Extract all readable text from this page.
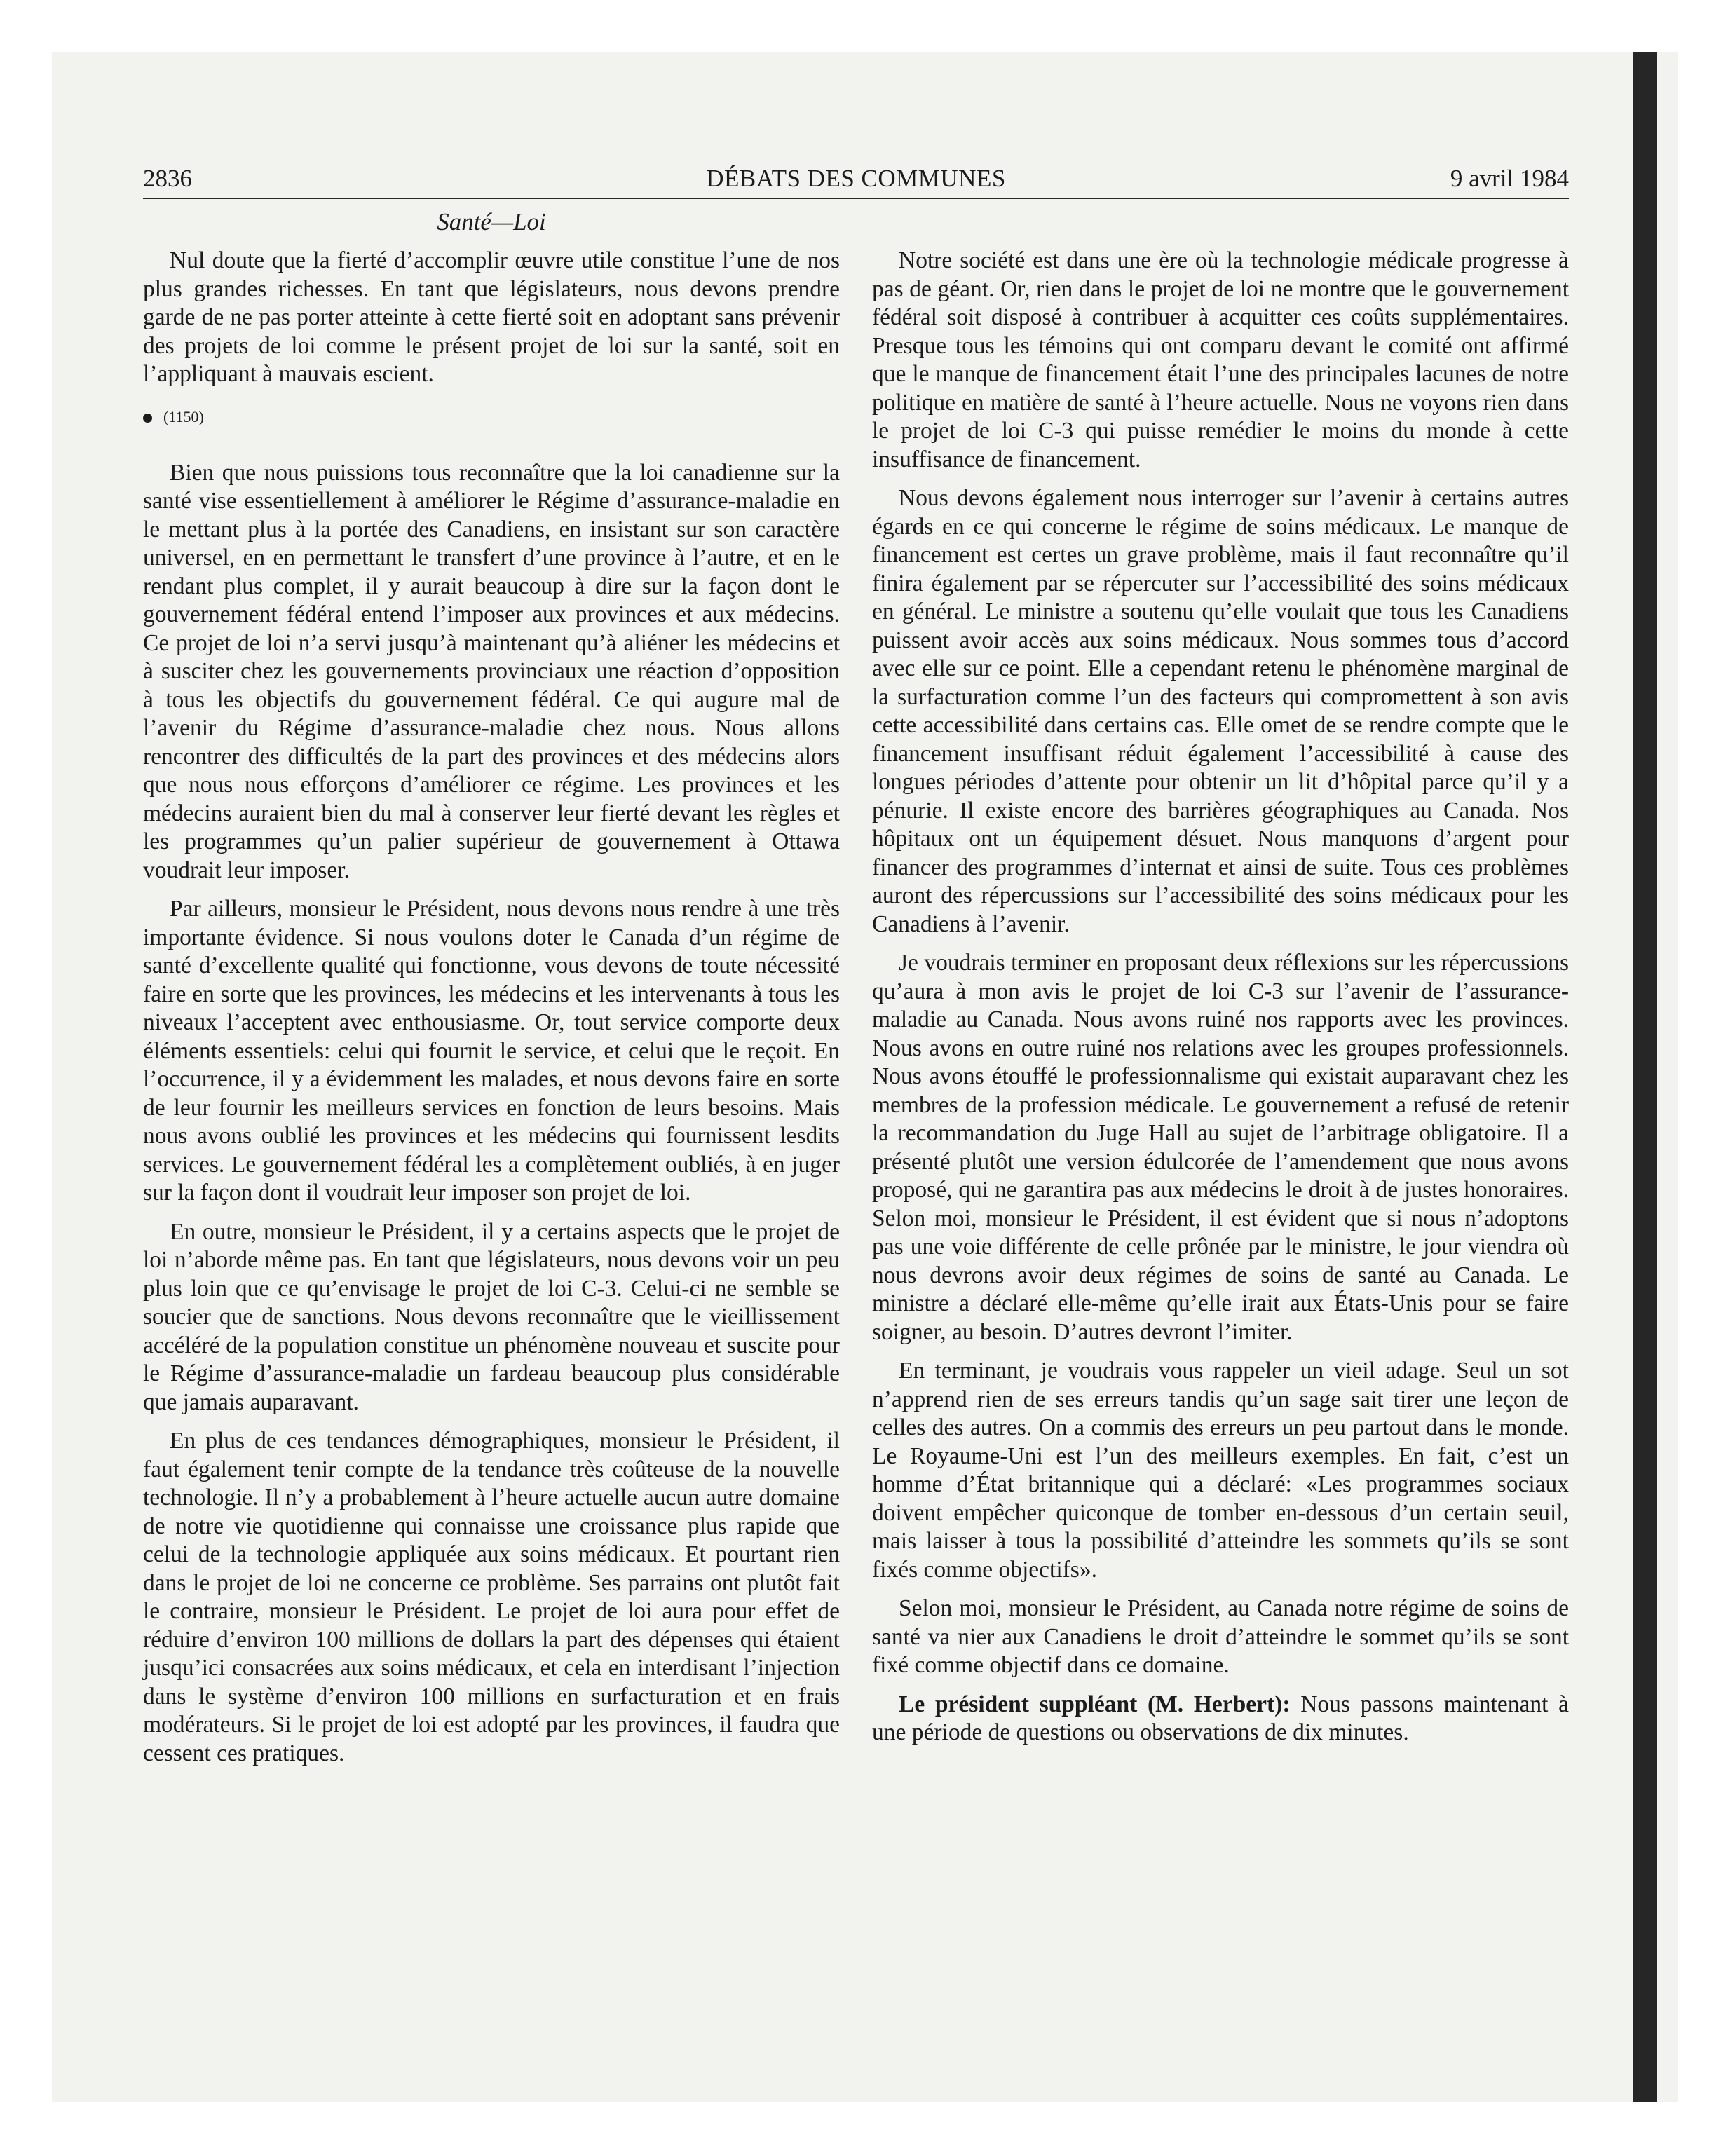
2836	DÉBATS DES COMMUNES	9 avril 1984
Santé—Loi

Nul doute que la fierté d’accomplir œuvre utile constitue l’une de nos plus grandes richesses. En tant que législateurs, nous devons prendre garde de ne pas porter atteinte à cette fierté soit en adoptant sans prévenir des projets de loi comme le présent projet de loi sur la santé, soit en l’appliquant à mauvais escient.

(1150)

Bien que nous puissions tous reconnaître que la loi canadienne sur la santé vise essentiellement à améliorer le Régime d’assurance-maladie en le mettant plus à la portée des Canadiens, en insistant sur son caractère universel, en en permettant le transfert d’une province à l’autre, et en le rendant plus complet, il y aurait beaucoup à dire sur la façon dont le gouvernement fédéral entend l’imposer aux provinces et aux médecins. Ce projet de loi n’a servi jusqu’à maintenant qu’à aliéner les médecins et à susciter chez les gouvernements provinciaux une réaction d’opposition à tous les objectifs du gouvernement fédéral. Ce qui augure mal de l’avenir du Régime d’assurance-maladie chez nous. Nous allons rencontrer des difficultés de la part des provinces et des médecins alors que nous nous efforçons d’améliorer ce régime. Les provinces et les médecins auraient bien du mal à conserver leur fierté devant les règles et les programmes qu’un palier supérieur de gouvernement à Ottawa voudrait leur imposer.

Par ailleurs, monsieur le Président, nous devons nous rendre à une très importante évidence. Si nous voulons doter le Canada d’un régime de santé d’excellente qualité qui fonctionne, vous devons de toute nécessité faire en sorte que les provinces, les médecins et les intervenants à tous les niveaux l’acceptent avec enthousiasme. Or, tout service comporte deux éléments essentiels: celui qui fournit le service, et celui que le reçoit. En l’occurrence, il y a évidemment les malades, et nous devons faire en sorte de leur fournir les meilleurs services en fonction de leurs besoins. Mais nous avons oublié les provinces et les médecins qui fournissent lesdits services. Le gouvernement fédéral les a complètement oubliés, à en juger sur la façon dont il voudrait leur imposer son projet de loi.

En outre, monsieur le Président, il y a certains aspects que le projet de loi n’aborde même pas. En tant que législateurs, nous devons voir un peu plus loin que ce qu’envisage le projet de loi C-3. Celui-ci ne semble se soucier que de sanctions. Nous devons reconnaître que le vieillissement accéléré de la population constitue un phénomène nouveau et suscite pour le Régime d’assurance-maladie un fardeau beaucoup plus considérable que jamais auparavant.

En plus de ces tendances démographiques, monsieur le Président, il faut également tenir compte de la tendance très coûteuse de la nouvelle technologie. Il n’y a probablement à l’heure actuelle aucun autre domaine de notre vie quotidienne qui connaisse une croissance plus rapide que celui de la technologie appliquée aux soins médicaux. Et pourtant rien dans le projet de loi ne concerne ce problème. Ses parrains ont plutôt fait le contraire, monsieur le Président. Le projet de loi aura pour effet de réduire d’environ 100 millions de dollars la part des dépenses qui étaient jusqu’ici consacrées aux soins médicaux, et cela en interdisant l’injection dans le système d’environ 100 millions en surfacturation et en frais modérateurs. Si le projet de loi est adopté par les provinces, il faudra que cessent ces pratiques.

Notre société est dans une ère où la technologie médicale progresse à pas de géant. Or, rien dans le projet de loi ne montre que le gouvernement fédéral soit disposé à contribuer à acquitter ces coûts supplémentaires. Presque tous les témoins qui ont comparu devant le comité ont affirmé que le manque de financement était l’une des principales lacunes de notre politique en matière de santé à l’heure actuelle. Nous ne voyons rien dans le projet de loi C-3 qui puisse remédier le moins du monde à cette insuffisance de financement.

Nous devons également nous interroger sur l’avenir à certains autres égards en ce qui concerne le régime de soins médicaux. Le manque de financement est certes un grave problème, mais il faut reconnaître qu’il finira également par se répercuter sur l’accessibilité des soins médicaux en général. Le ministre a soutenu qu’elle voulait que tous les Canadiens puissent avoir accès aux soins médicaux. Nous sommes tous d’accord avec elle sur ce point. Elle a cependant retenu le phénomène marginal de la surfacturation comme l’un des facteurs qui compromettent à son avis cette accessibilité dans certains cas. Elle omet de se rendre compte que le financement insuffisant réduit également l’accessibilité à cause des longues périodes d’attente pour obtenir un lit d’hôpital parce qu’il y a pénurie. Il existe encore des barrières géographiques au Canada. Nos hôpitaux ont un équipement désuet. Nous manquons d’argent pour financer des programmes d’internat et ainsi de suite. Tous ces problèmes auront des répercussions sur l’accessibilité des soins médicaux pour les Canadiens à l’avenir.

Je voudrais terminer en proposant deux réflexions sur les répercussions qu’aura à mon avis le projet de loi C-3 sur l’avenir de l’assurance-maladie au Canada. Nous avons ruiné nos rapports avec les provinces. Nous avons en outre ruiné nos relations avec les groupes professionnels. Nous avons étouffé le professionnalisme qui existait auparavant chez les membres de la profession médicale. Le gouvernement a refusé de retenir la recommandation du Juge Hall au sujet de l’arbitrage obligatoire. Il a présenté plutôt une version édulcorée de l’amendement que nous avons proposé, qui ne garantira pas aux médecins le droit à de justes honoraires. Selon moi, monsieur le Président, il est évident que si nous n’adoptons pas une voie différente de celle prônée par le ministre, le jour viendra où nous devrons avoir deux régimes de soins de santé au Canada. Le ministre a déclaré elle-même qu’elle irait aux États-Unis pour se faire soigner, au besoin. D’autres devront l’imiter.

En terminant, je voudrais vous rappeler un vieil adage. Seul un sot n’apprend rien de ses erreurs tandis qu’un sage sait tirer une leçon de celles des autres. On a commis des erreurs un peu partout dans le monde. Le Royaume-Uni est l’un des meilleurs exemples. En fait, c’est un homme d’État britannique qui a déclaré: «Les programmes sociaux doivent empêcher quiconque de tomber en-dessous d’un certain seuil, mais laisser à tous la possibilité d’atteindre les sommets qu’ils se sont fixés comme objectifs».

Selon moi, monsieur le Président, au Canada notre régime de soins de santé va nier aux Canadiens le droit d’atteindre le sommet qu’ils se sont fixé comme objectif dans ce domaine.

Le président suppléant (M. Herbert): Nous passons maintenant à une période de questions ou observations de dix minutes.
